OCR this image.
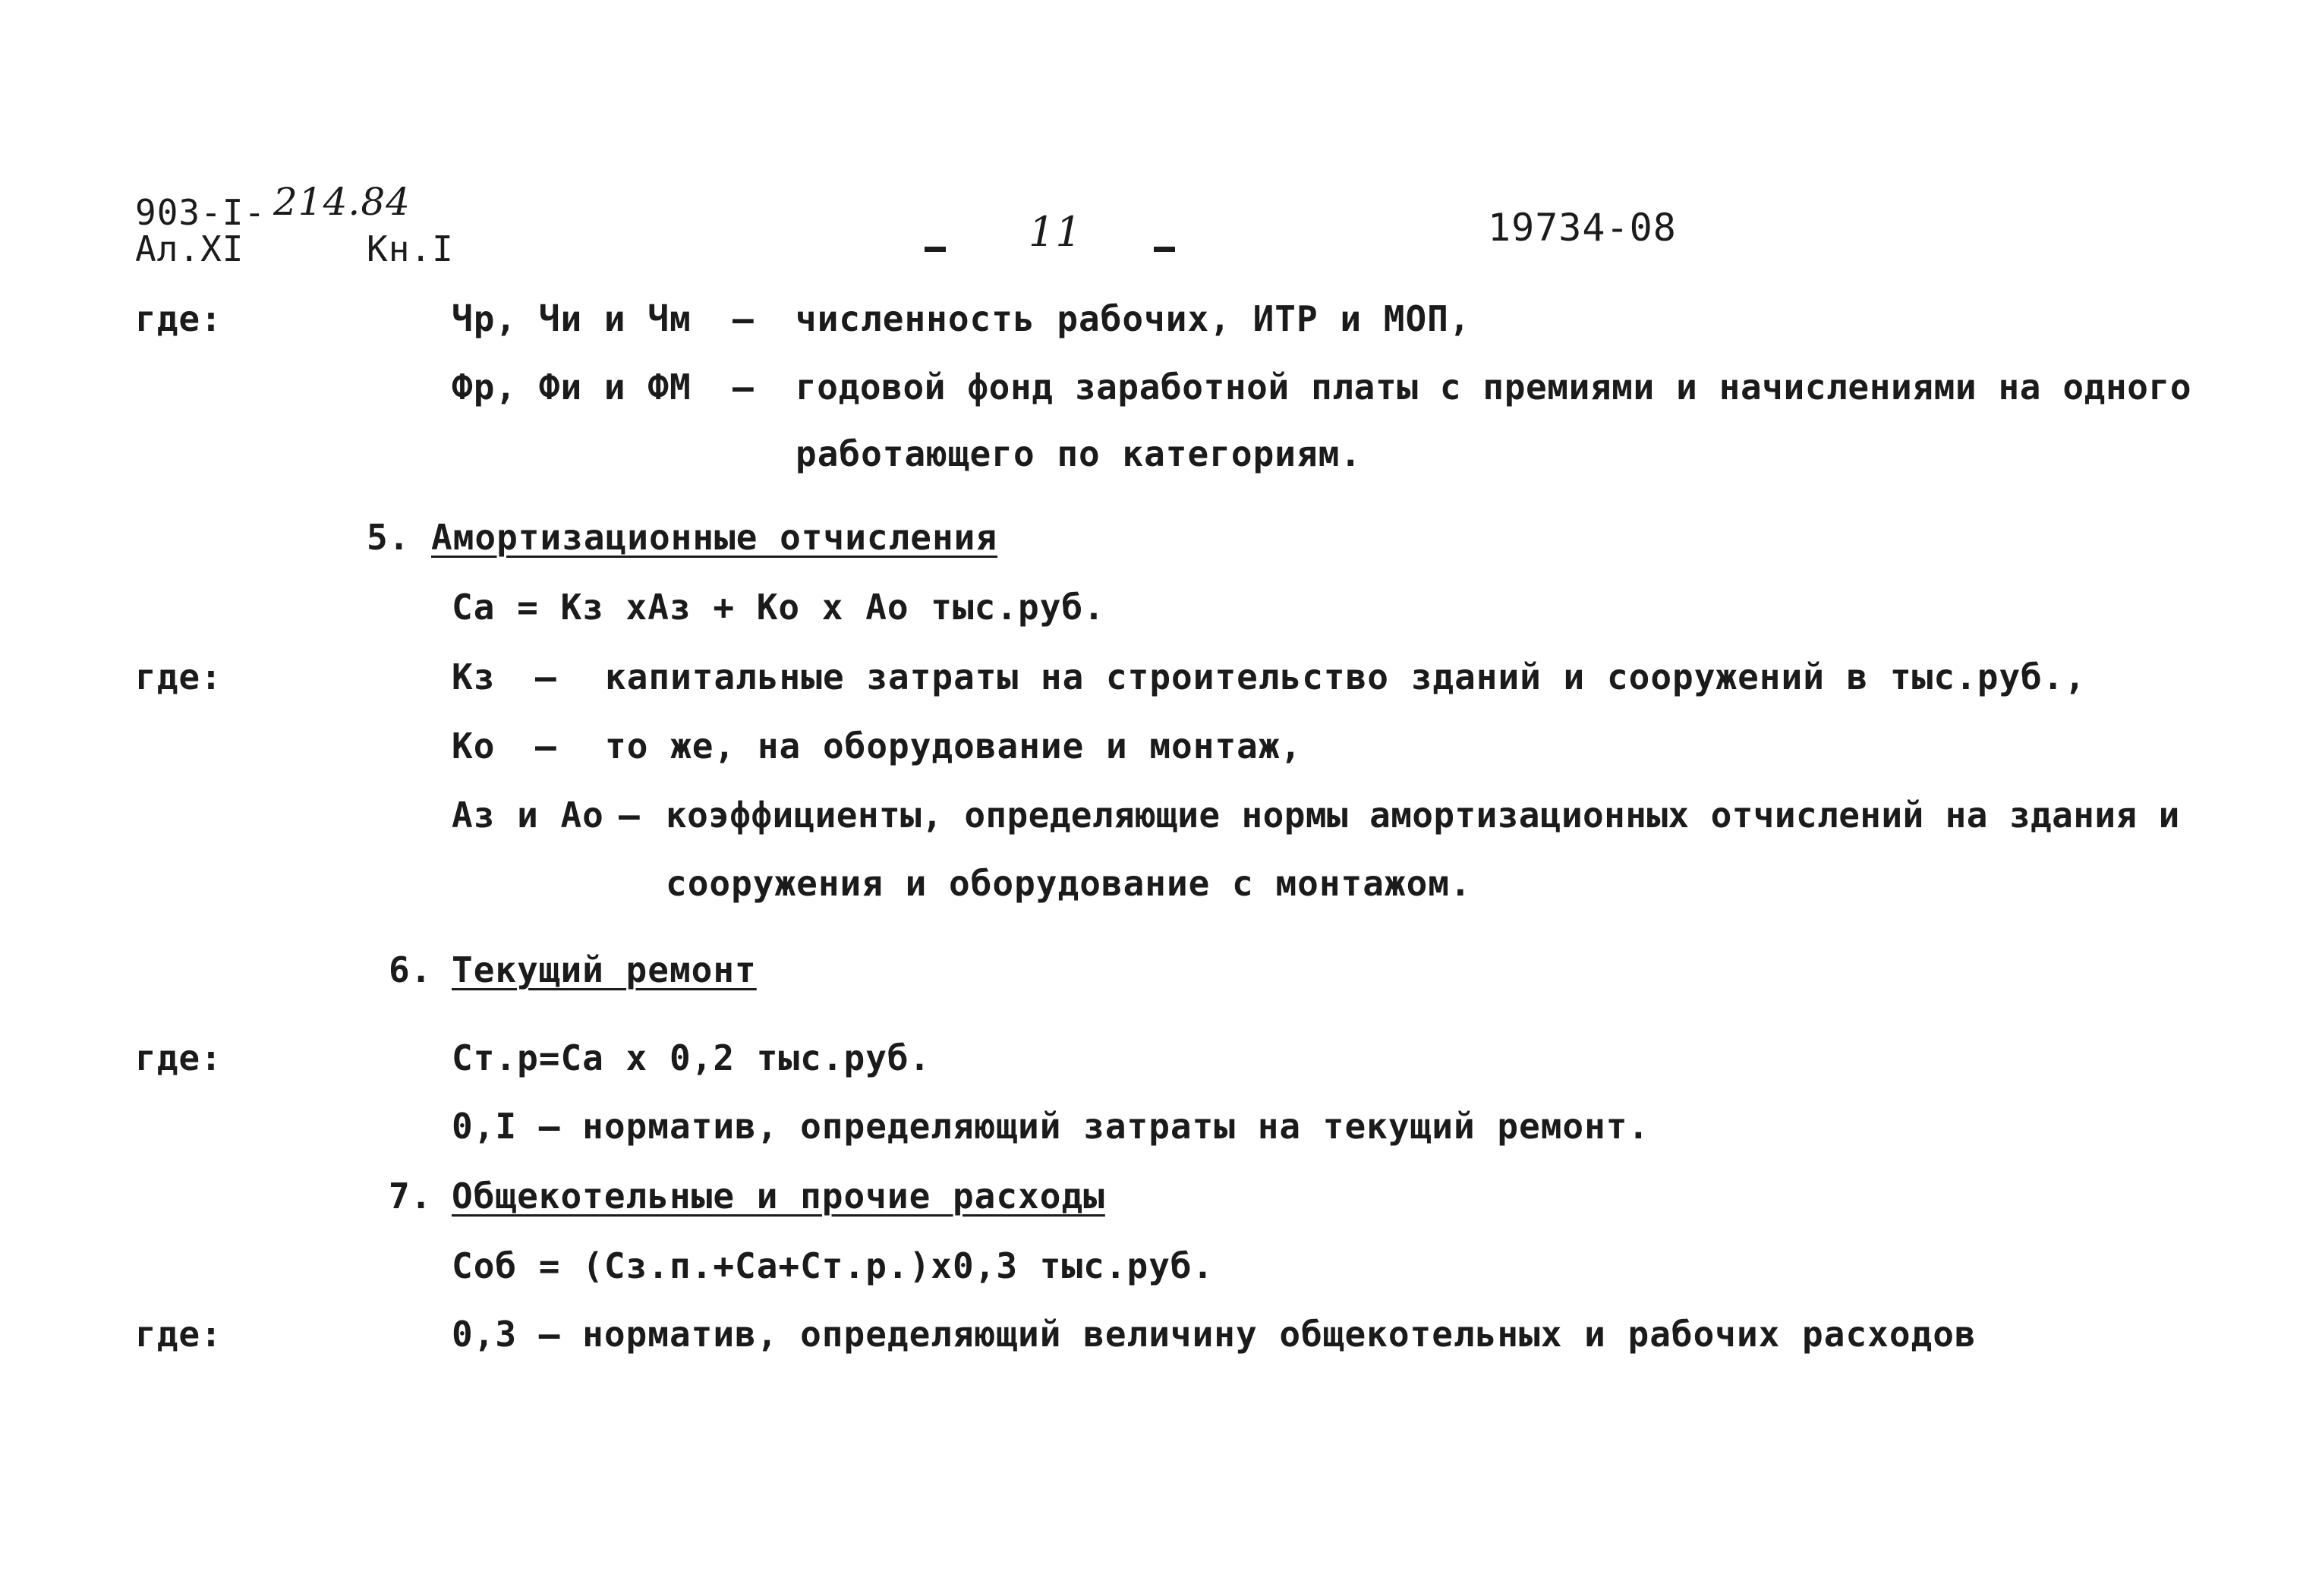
903-I- 214.84
Ал.XI	Кн.I	11	19734-08
где:	Чр, Чи и Чм – численность рабочих, ИТР и МОП,
Фр, Фи и ФМ – годовой фонд заработной платы с премиями и начислениями на одного
работающего по категориям.
5. Амортизационные отчисления
Са = Кз хАз + Ко х Ао тыс.руб.
где:	Кз – капитальные затраты на строительство зданий и сооружений в тыс.руб.,
Ко – то же, на оборудование и монтаж,
Аз и Ао – коэффициенты, определяющие нормы амортизационных отчислений на здания и
сооружения и оборудование с монтажом.
6. Текущий ремонт
где:	Ст.р=Са х 0,2 тыс.руб.
0,I – норматив, определяющий затраты на текущий ремонт.
7. Общекотельные и прочие расходы
Соб = (Сз.п.+Са+Ст.р.)х0,3 тыс.руб.
где:	0,3 – норматив, определяющий величину общекотельных и рабочих расходов
